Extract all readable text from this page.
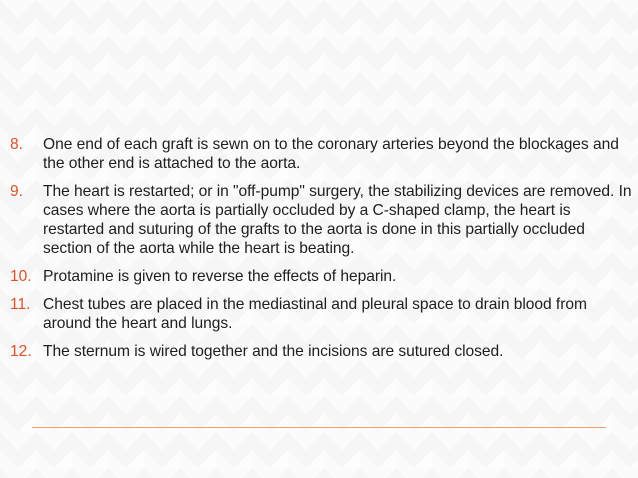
8.	One end of each graft is sewn on to the coronary arteries beyond the blockages and the other end is attached to the aorta.
9.	The heart is restarted; or in "off-pump" surgery, the stabilizing devices are removed. In cases where the aorta is partially occluded by a C-shaped clamp, the heart is restarted and suturing of the grafts to the aorta is done in this partially occluded section of the aorta while the heart is beating.
10. Protamine is given to reverse the effects of heparin.
11. Chest tubes are placed in the mediastinal and pleural space to drain blood from around the heart and lungs.
12. The sternum is wired together and the incisions are sutured closed.
